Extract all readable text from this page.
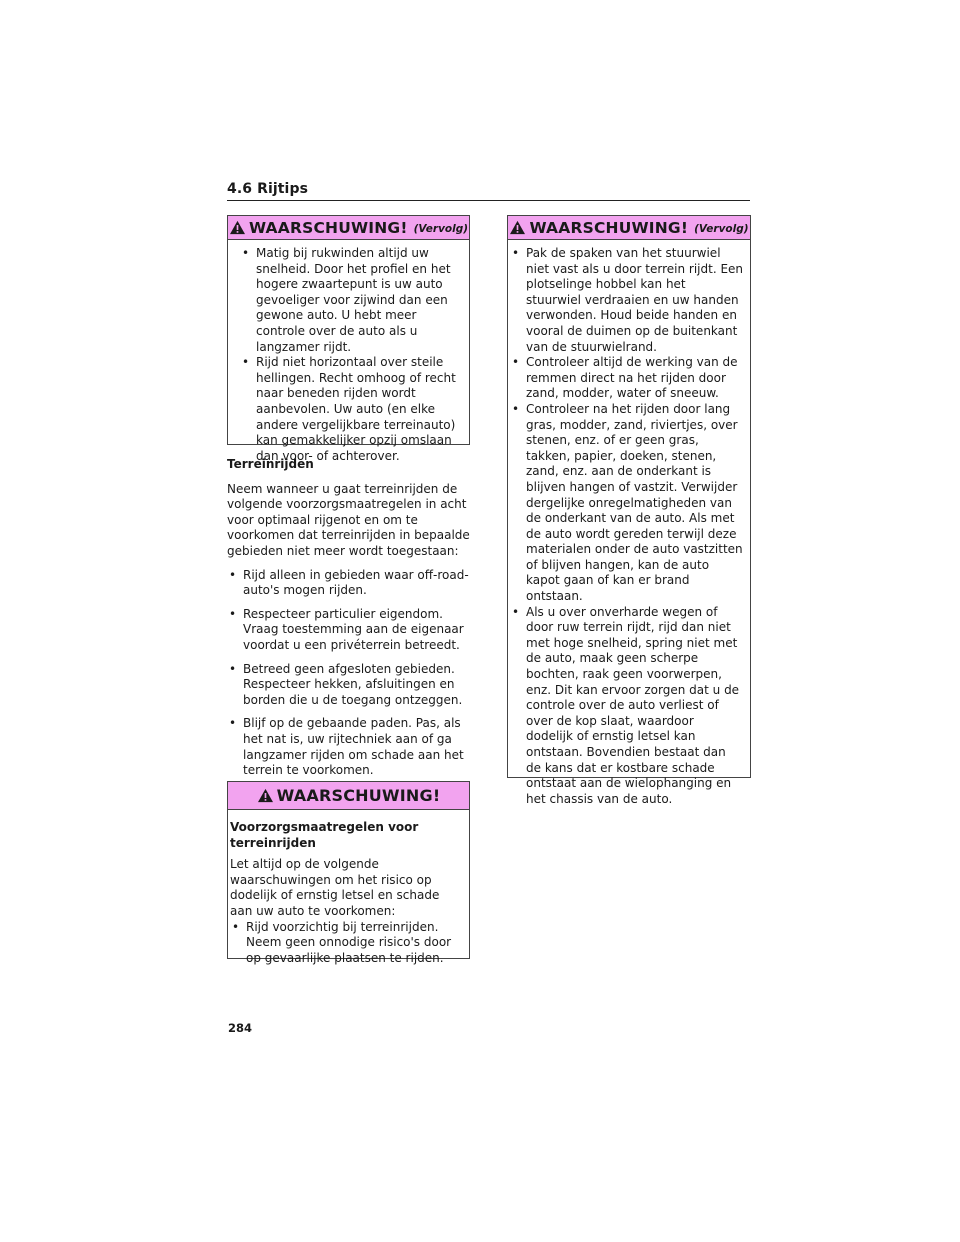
4.6 Rijtips
WAARSCHUWING! (Vervolg)
• Matig bij rukwinden altijd uw snelheid. Door het profiel en het hogere zwaartepunt is uw auto gevoeliger voor zijwind dan een gewone auto. U hebt meer controle over de auto als u langzamer rijdt.
• Rijd niet horizontaal over steile hellingen. Recht omhoog of recht naar beneden rijden wordt aanbevolen. Uw auto (en elke andere vergelijkbare terreinauto) kan gemakkelijker opzij omslaan dan voor- of achterover.
Terreinrijden

Neem wanneer u gaat terreinrijden de volgende voorzorgsmaatregelen in acht voor optimaal rijgenot en om te voorkomen dat terreinrijden in bepaalde gebieden niet meer wordt toegestaan:

• Rijd alleen in gebieden waar off-road-auto's mogen rijden.
• Respecteer particulier eigendom. Vraag toestemming aan de eigenaar voordat u een privéterrein betreedt.
• Betreed geen afgesloten gebieden. Respecteer hekken, afsluitingen en borden die u de toegang ontzeggen.
• Blijf op de gebaande paden. Pas, als het nat is, uw rijtechniek aan of ga langzamer rijden om schade aan het terrein te voorkomen.
WAARSCHUWING!
Voorzorgsmaatregelen voor terreinrijden

Let altijd op de volgende waarschuwingen om het risico op dodelijk of ernstig letsel en schade aan uw auto te voorkomen:

• Rijd voorzichtig bij terreinrijden. Neem geen onnodige risico's door op gevaarlijke plaatsen te rijden.
WAARSCHUWING! (Vervolg)
• Pak de spaken van het stuurwiel niet vast als u door terrein rijdt. Een plotselinge hobbel kan het stuurwiel verdraaien en uw handen verwonden. Houd beide handen en vooral de duimen op de buitenkant van de stuurwielrand.
• Controleer altijd de werking van de remmen direct na het rijden door zand, modder, water of sneeuw.
• Controleer na het rijden door lang gras, modder, zand, riviertjes, over stenen, enz. of er geen gras, takken, papier, doeken, stenen, zand, enz. aan de onderkant is blijven hangen of vastzit. Verwijder dergelijke onregelmatigheden van de onderkant van de auto. Als met de auto wordt gereden terwijl deze materialen onder de auto vastzitten of blijven hangen, kan de auto kapot gaan of kan er brand ontstaan.
• Als u over onverharde wegen of door ruw terrein rijdt, rijd dan niet met hoge snelheid, spring niet met de auto, maak geen scherpe bochten, raak geen voorwerpen, enz. Dit kan ervoor zorgen dat u de controle over de auto verliest of over de kop slaat, waardoor dodelijk of ernstig letsel kan ontstaan. Bovendien bestaat dan de kans dat er kostbare schade ontstaat aan de wielophanging en het chassis van de auto.
284
